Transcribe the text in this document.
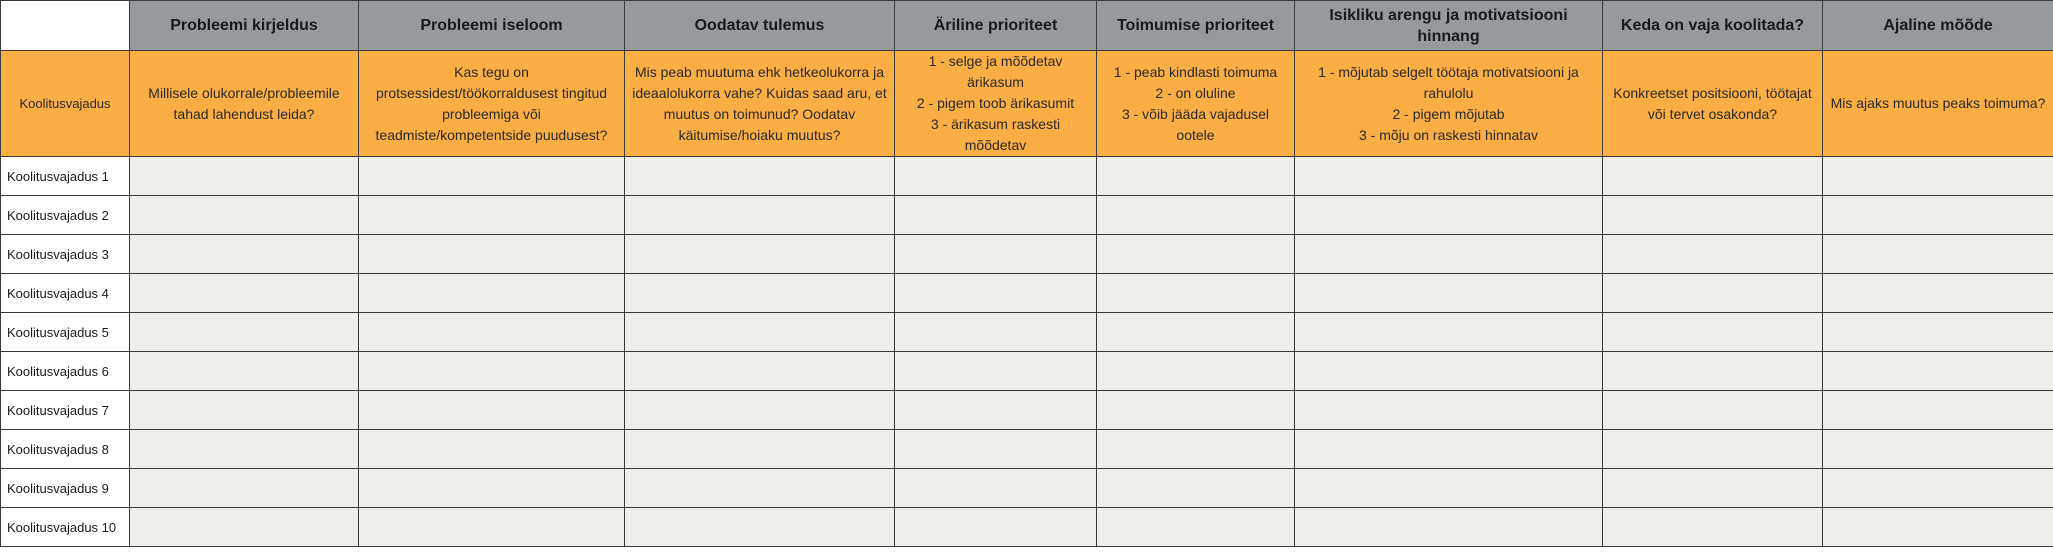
	Probleemi kirjeldus	Probleemi iseloom	Oodatav tulemus	Äriline prioriteet	Toimumise prioriteet	Isikliku arengu ja motivatsiooni hinnang	Keda on vaja koolitada?	Ajaline mõõde
Koolitusvajadus	Millisele olukorrale/probleemile tahad lahendust leida?	Kas tegu on protsessidest/töökorraldusest tingitud probleemiga või teadmiste/kompetentside puudusest?	Mis peab muutuma ehk hetkeolukorra ja ideaalolukorra vahe? Kuidas saad aru, et muutus on toimunud? Oodatav käitumise/hoiaku muutus?	1 - selge ja mõõdetav ärikasum
2 - pigem toob ärikasumit
3 - ärikasum raskesti mõõdetav	1 - peab kindlasti toimuma
2 - on oluline
3 - võib jääda vajadusel ootele	1 - mõjutab selgelt töötaja motivatsiooni ja rahulolu
2 - pigem mõjutab
3 - mõju on raskesti hinnatav	Konkreetset positsiooni, töötajat või tervet osakonda?	Mis ajaks muutus peaks toimuma?
Koolitusvajadus 1								
Koolitusvajadus 2								
Koolitusvajadus 3								
Koolitusvajadus 4								
Koolitusvajadus 5								
Koolitusvajadus 6								
Koolitusvajadus 7								
Koolitusvajadus 8								
Koolitusvajadus 9								
Koolitusvajadus 10								
